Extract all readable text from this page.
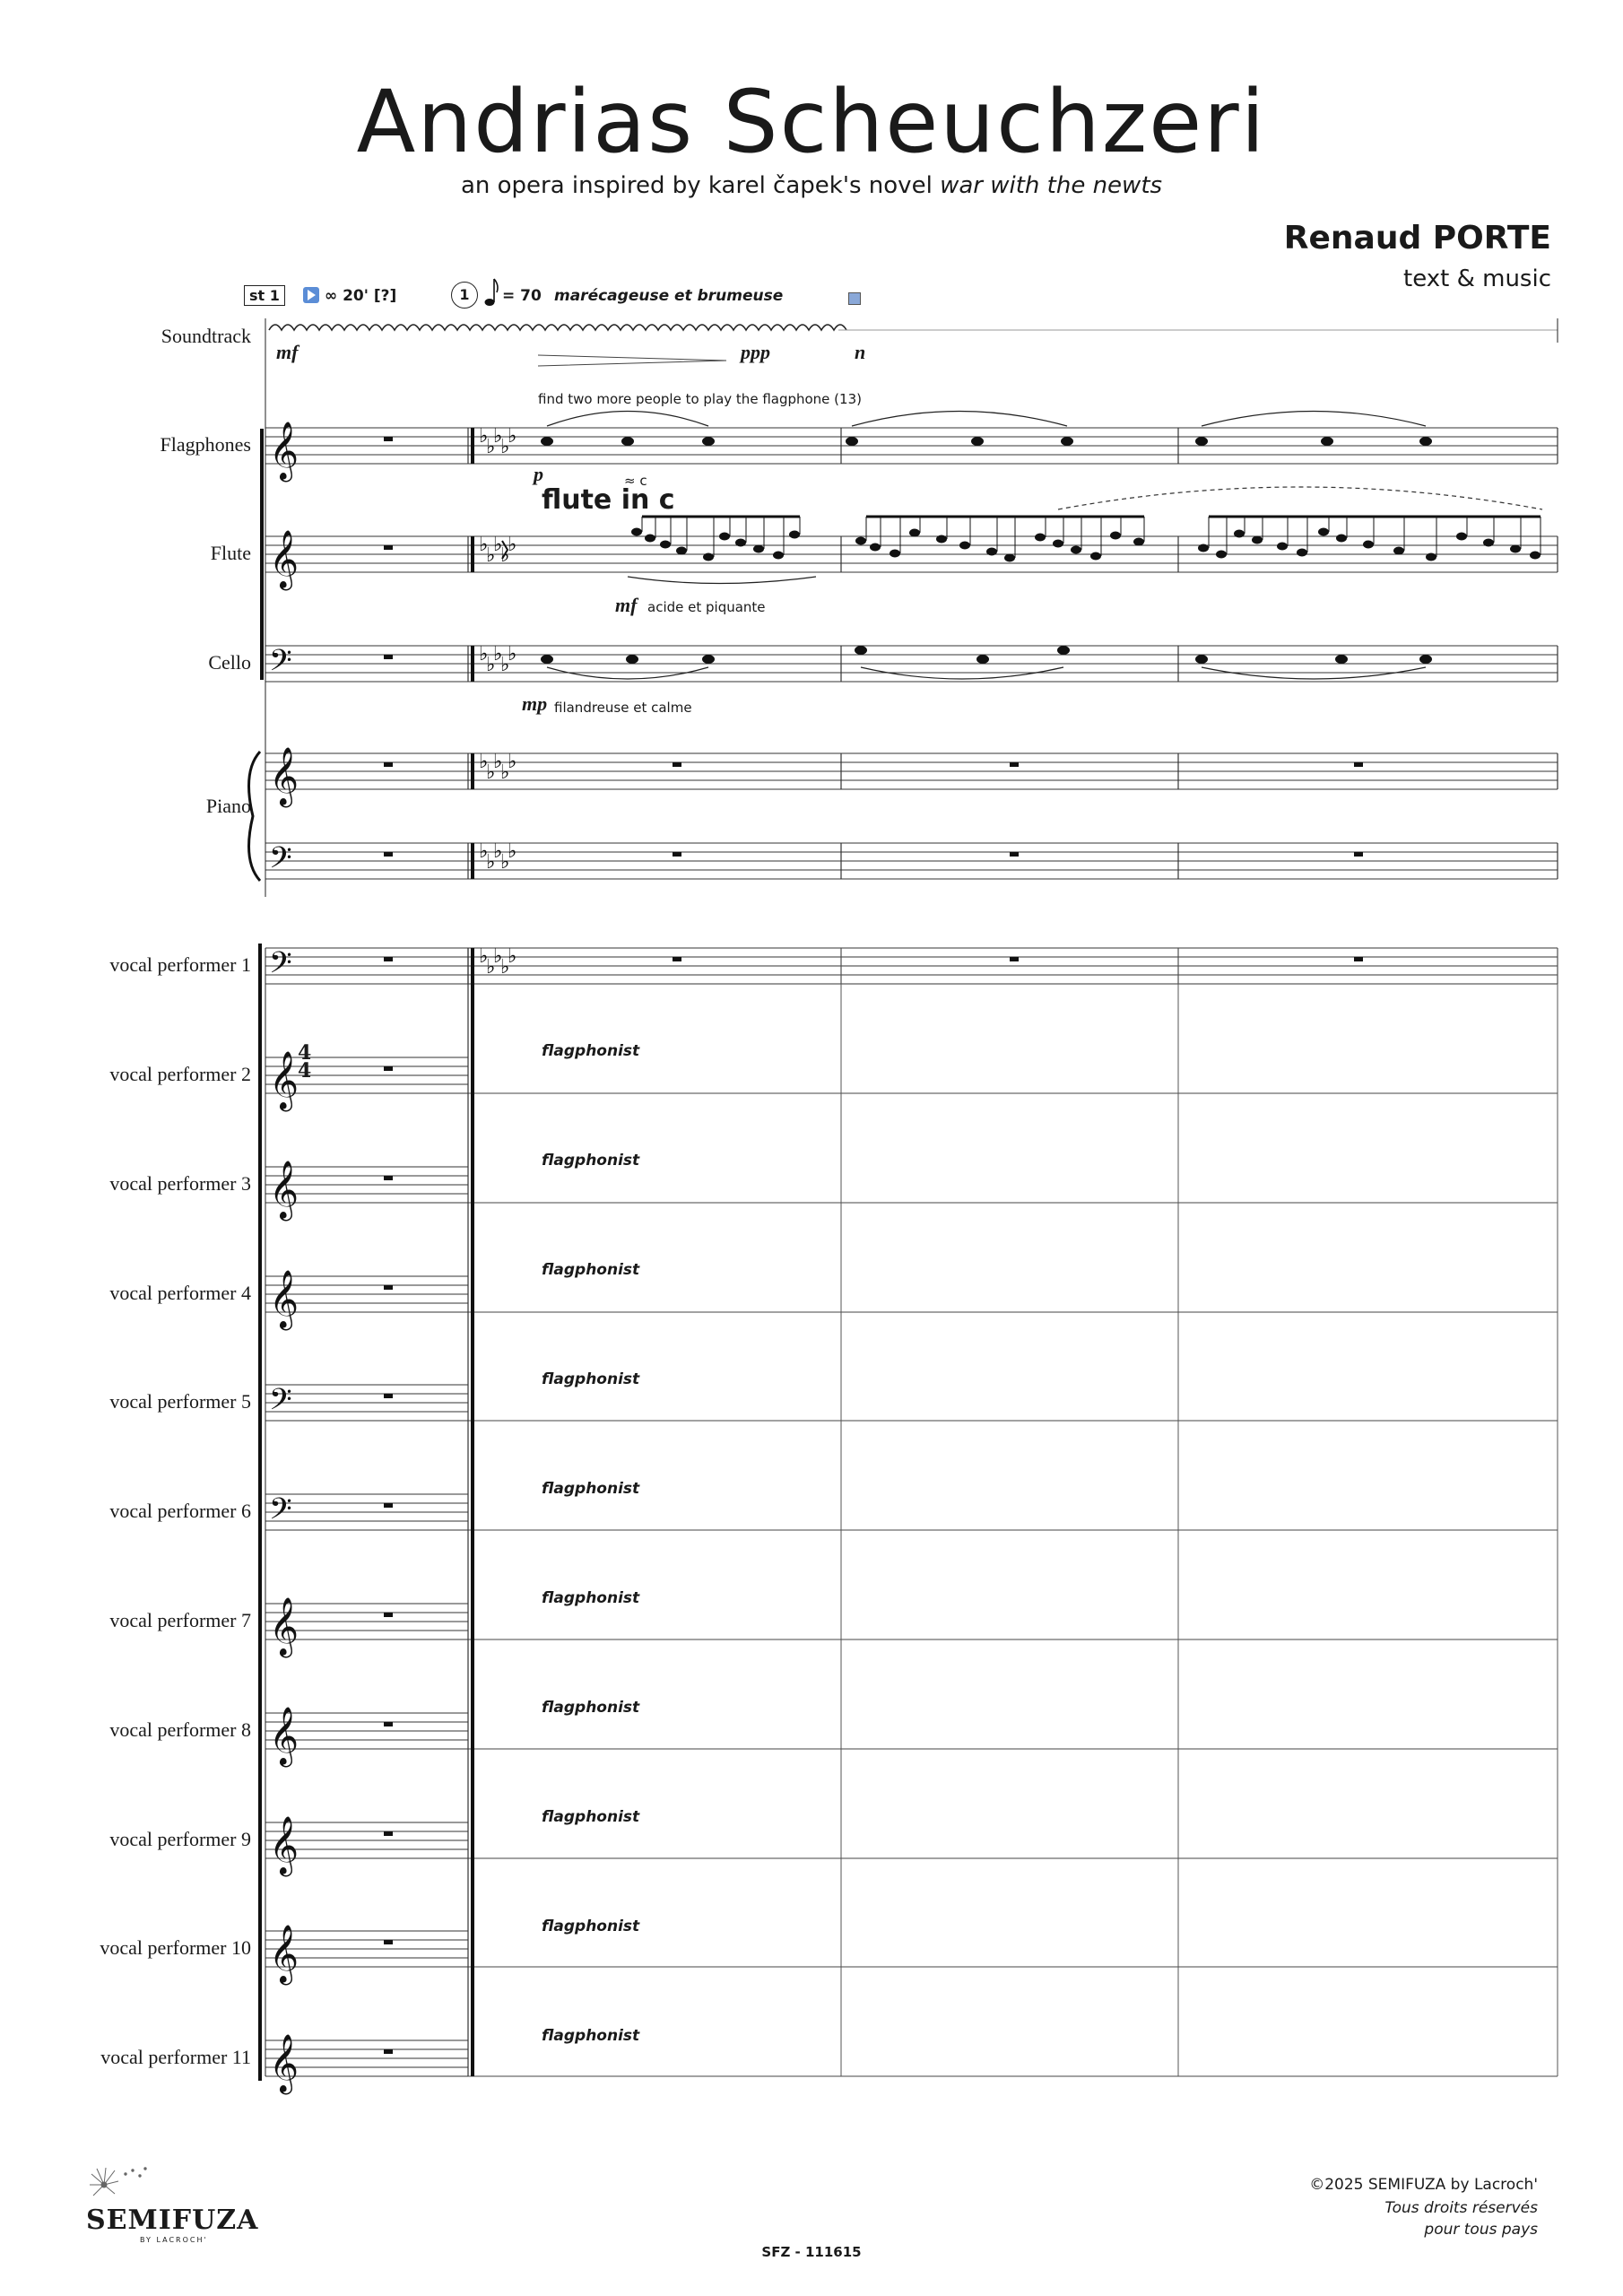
Andrias Scheuchzeri
an opera inspired by karel čapek's novel war with the newts
Renaud PORTE
text & music
st 1	∞ 20' [?]	1	= 70 marécageuse et brumeuse
𝄞	♭
♭
♭
♭
♭
𝄞	♭
♭
♭
♭
♭
𝄢	♭
♭
♭
♭
♭
𝄞	♭
♭
♭
♭
♭
𝄢	♭
♭
♭
♭
♭
𝄢	♭
♭
♭
♭
♭
𝄞
𝄞
𝄞
𝄢
𝄢
𝄞
𝄞
𝄞
𝄞
𝄞
Soundtrack
Flagphones
Flute
Cello
Piano
vocal performer 1
vocal performer 2
vocal performer 3
vocal performer 4
vocal performer 5
vocal performer 6
vocal performer 7
vocal performer 8
vocal performer 9
vocal performer 10
vocal performer 11
mf	ppp	n
find two more people to play the flagphone (13)
p	≈ c
flute in c
mf acide et piquante
mp filandreuse et calme
4
4
flagphonist
flagphonist
flagphonist
flagphonist
flagphonist
flagphonist
flagphonist
flagphonist
flagphonist
flagphonist
SEMIFUZA
BY LACROCH'
SFZ - 111615
©2025 SEMIFUZA by Lacroch'
Tous droits réservés
pour tous pays
